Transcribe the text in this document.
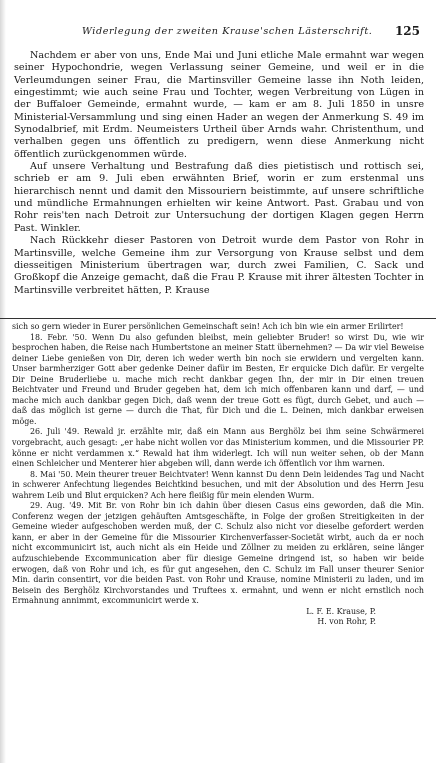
Widerlegung der zweiten Krause'schen Lästerschrift. 125

Nachdem er aber von uns, Ende Mai und Juni etliche Male ermahnt war wegen seiner Hypochondrie, wegen Verlassung seiner Gemeine, und weil er in die Verleumdungen seiner Frau, die Martinsviller Gemeine lasse ihn Noth leiden, eingestimmt; wie auch seine Frau und Tochter, wegen Verbreitung von Lügen in der Buffaloer Gemeinde, ermahnt wurde, — kam er am 8. Juli 1850 in unsre Ministerial-Versammlung und sing einen Hader an wegen der Anmerkung S. 49 im Synodalbrief, mit Erdm. Neumeisters Urtheil über Arnds wahr. Christenthum, und verhalben gegen uns öffentlich zu predigern, wenn diese Anmerkung nicht öffentlich zurückgenommen würde.

Auf unsere Verhaltung und Bestrafung daß dies pietistisch und rottisch sei, schrieb er am 9. Juli eben erwähnten Brief, worin er zum erstenmal uns hierarchisch nennt und damit den Missouriern beistimmte, auf unsere schriftliche und mündliche Ermahnungen erhielten wir keine Antwort. Past. Grabau und von Rohr reis'ten nach Detroit zur Untersuchung der dortigen Klagen gegen Herrn Past. Winkler.

Nach Rückkehr dieser Pastoren von Detroit wurde dem Pastor von Rohr in Martinsville, welche Gemeine ihm zur Versorgung von Krause selbst und dem diesseitigen Ministerium übertragen war, durch zwei Familien, C. Sack und Großkopf die Anzeige gemacht, daß die Frau P. Krause mit ihrer ältesten Tochter in Martinsville verbreitet hätten, P. Krause

sich so gern wieder in Eurer persönlichen Gemeinschaft sein! Ach ich bin wie ein armer Erilirter!

18. Febr. '50. Wenn Du also gefunden bleibst, mein geliebter Bruder! so wirst Du, wie wir besprochen haben, die Reise nach Humbertstone an meiner Statt übernehmen? — Da wir viel Beweise deiner Liebe genießen von Dir, deren ich weder werth bin noch sie erwidern und vergelten kann. Unser barmherziger Gott aber gedenke Deiner dafür im Besten, Er erquicke Dich dafür. Er vergelte Dir Deine Bruderliebe u. mache mich recht dankbar gegen Ihn, der mir in Dir einen treuen Beichtvater und Freund und Bruder gegeben hat, dem ich mich offenbaren kann und darf, — und mache mich auch dankbar gegen Dich, daß wenn der treue Gott es fügt, durch Gebet, und auch — daß das möglich ist gerne — durch die That, für Dich und die L. Deinen, mich dankbar erweisen möge.

26. Juli '49. Rewald jr. erzählte mir, daß ein Mann aus Berghölz bei ihm seine Schwärmerei vorgebracht, auch gesagt: „er habe nicht wollen vor das Ministerium kommen, und die Missourier PP. könne er nicht verdammen x.“ Rewald hat ihm widerlegt. Ich will nun weiter sehen, ob der Mann einen Schleicher und Menterer hier abgeben will, dann werde ich öffentlich vor ihm warnen.

8. Mai '50. Mein theurer treuer Beichtvater! Wenn kannst Du denn Dein leidendes Tag und Nacht in schwerer Anfechtung liegendes Beichtkind besuchen, und mit der Absolution und des Herrn Jesu wahrem Leib und Blut erquicken? Ach here fleißig für mein elenden Wurm.

29. Aug. '49. Mit Br. von Rohr bin ich dahin über diesen Casus eins geworden, daß die Min. Conferenz wegen der jetzigen gehäuften Amtsgeschäfte, in Folge der großen Streitigkeiten in der Gemeine wieder aufgeschoben werden muß, der C. Schulz also nicht vor dieselbe gefordert werden kann, er aber in der Gemeine für die Missourier Kirchenverfasser-Societät wirbt, auch da er noch nicht excommunicirt ist, auch nicht als ein Heide und Zöllner zu meiden zu erklären, seine länger aufzuschiebende Excommunication aber für diesige Gemeine dringend ist, so haben wir beide erwogen, daß von Rohr und ich, es für gut angesehen, den C. Schulz im Fall unser theurer Senior Min. darin consentirt, vor die beiden Past. von Rohr und Krause, nomine Ministerii zu laden, und im Beisein des Berghölz Kirchvorstandes und Truftees x. ermahnt, und wenn er nicht ernstlich noch Ermahnung annimmt, excommunicirt werde x.

L. F. E. Krause, P.
H. von Rohr, P.
